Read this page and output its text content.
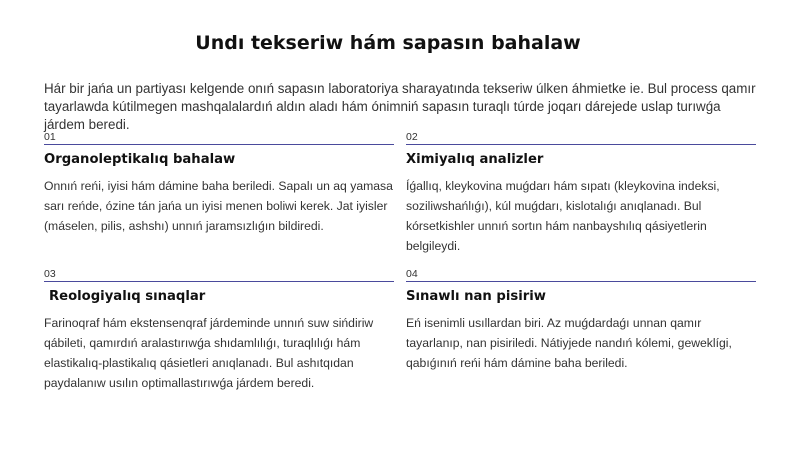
Undı tekseriw hám sapasın bahalaw

Hár bir jańa un partiyası kelgende onıń sapasın laboratoriya sharayatında tekseriw úlken áhmietke ie. Bul process qamır tayarlawda kútilmegen mashqalalardıń aldın aladı hám ónimniń sapasın turaqlı túrde joqarı dárejede uslap turıwǵa járdem beredi.

01
Organoleptikalıq bahalaw
Onnıń reńi, iyisi hám dámine baha beriledi. Sapalı un aq yamasa sarı reńde, ózine tán jańa un iyisi menen boliwi kerek. Jat iyisler (máselen, pilis, ashshı) unnıń jaramsızlıǵın bildiredi.
02
Ximiyalıq analizler
Íǵallıq, kleykovina muǵdarı hám sıpatı (kleykovina indeksi, soziliwshańlıǵı), kúl muǵdarı, kislotalıǵı anıqlanadı. Bul kórsetkishler unnıń sortın hám nanbayshılıq qásiyetlerin belgileydi.
03
Reologiyalıq sınaqlar
Farinoqraf hám ekstensenqraf járdeminde unnıń suw sińdiriw qábileti, qamırdıń aralastırıwǵa shıdamlılıǵı, turaqlılıǵı hám elastikalıq-plastikalıq qásietleri anıqlanadı. Bul ashıtqıdan paydalanıw usılın optimallastırıwǵa járdem beredi.
04
Sınawlı nan pisiriw
Eń isenimli usıllardan biri. Az muǵdardaǵı unnan qamır tayarlanıp, nan pisiriledi. Nátiyjede nandıń kólemi, geweklígi, qabıǵınıń reńi hám dámine baha beriledi.
